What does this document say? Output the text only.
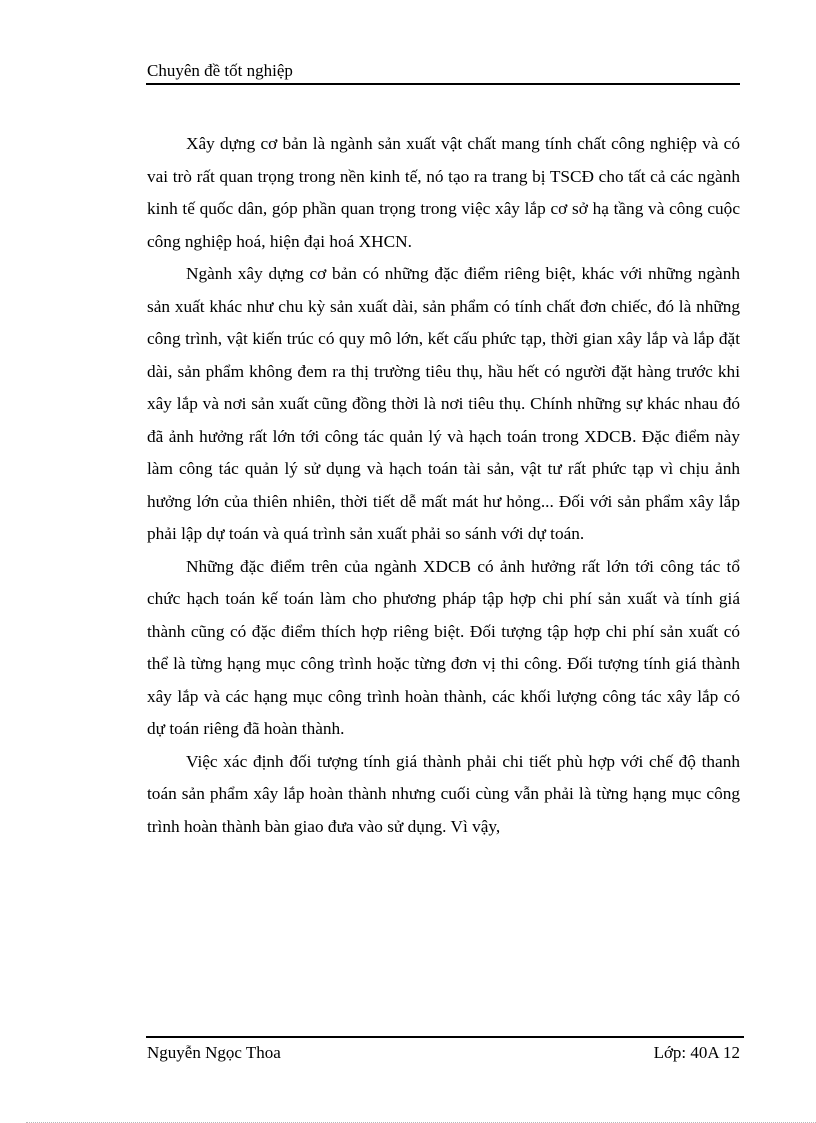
Chuyên đề tốt nghiệp

Xây dựng cơ bản là ngành sản xuất vật chất mang tính chất công nghiệp và có vai trò rất quan trọng trong nền kinh tế, nó tạo ra trang bị TSCĐ cho tất cả các ngành kinh tế quốc dân, góp phần quan trọng trong việc xây lắp cơ sở hạ tầng và công cuộc công nghiệp hoá, hiện đại hoá XHCN.

Ngành xây dựng cơ bản có những đặc điểm riêng biệt, khác với những ngành sản xuất khác như chu kỳ sản xuất dài, sản phẩm có tính chất đơn chiếc, đó là những công trình, vật kiến trúc có quy mô lớn, kết cấu phức tạp, thời gian xây lắp và lắp đặt dài, sản phẩm không đem ra thị trường tiêu thụ, hầu hết có người đặt hàng trước khi xây lắp và nơi sản xuất cũng đồng thời là nơi tiêu thụ. Chính những sự khác nhau đó đã ảnh hưởng rất lớn tới công tác quản lý và hạch toán trong XDCB. Đặc điểm này làm công tác quản lý sử dụng và hạch toán tài sản, vật tư rất phức tạp vì chịu ảnh hưởng lớn của thiên nhiên, thời tiết dễ mất mát hư hỏng... Đối với sản phẩm xây lắp phải lập dự toán và quá trình sản xuất phải so sánh với dự toán.

Những đặc điểm trên của ngành XDCB có ảnh hưởng rất lớn tới công tác tổ chức hạch toán kế toán làm cho phương pháp tập hợp chi phí sản xuất và tính giá thành cũng có đặc điểm thích hợp riêng biệt. Đối tượng tập hợp chi phí sản xuất có thể là từng hạng mục công trình hoặc từng đơn vị thi công. Đối tượng tính giá thành xây lắp và các hạng mục công trình hoàn thành, các khối lượng công tác xây lắp có dự toán riêng đã hoàn thành.

Việc xác định đối tượng tính giá thành phải chi tiết phù hợp với chế độ thanh toán sản phẩm xây lắp hoàn thành nhưng cuối cùng vẫn phải là từng hạng mục công trình hoàn thành bàn giao đưa vào sử dụng. Vì vậy,

Nguyễn Ngọc Thoa	Lớp: 40A 12
